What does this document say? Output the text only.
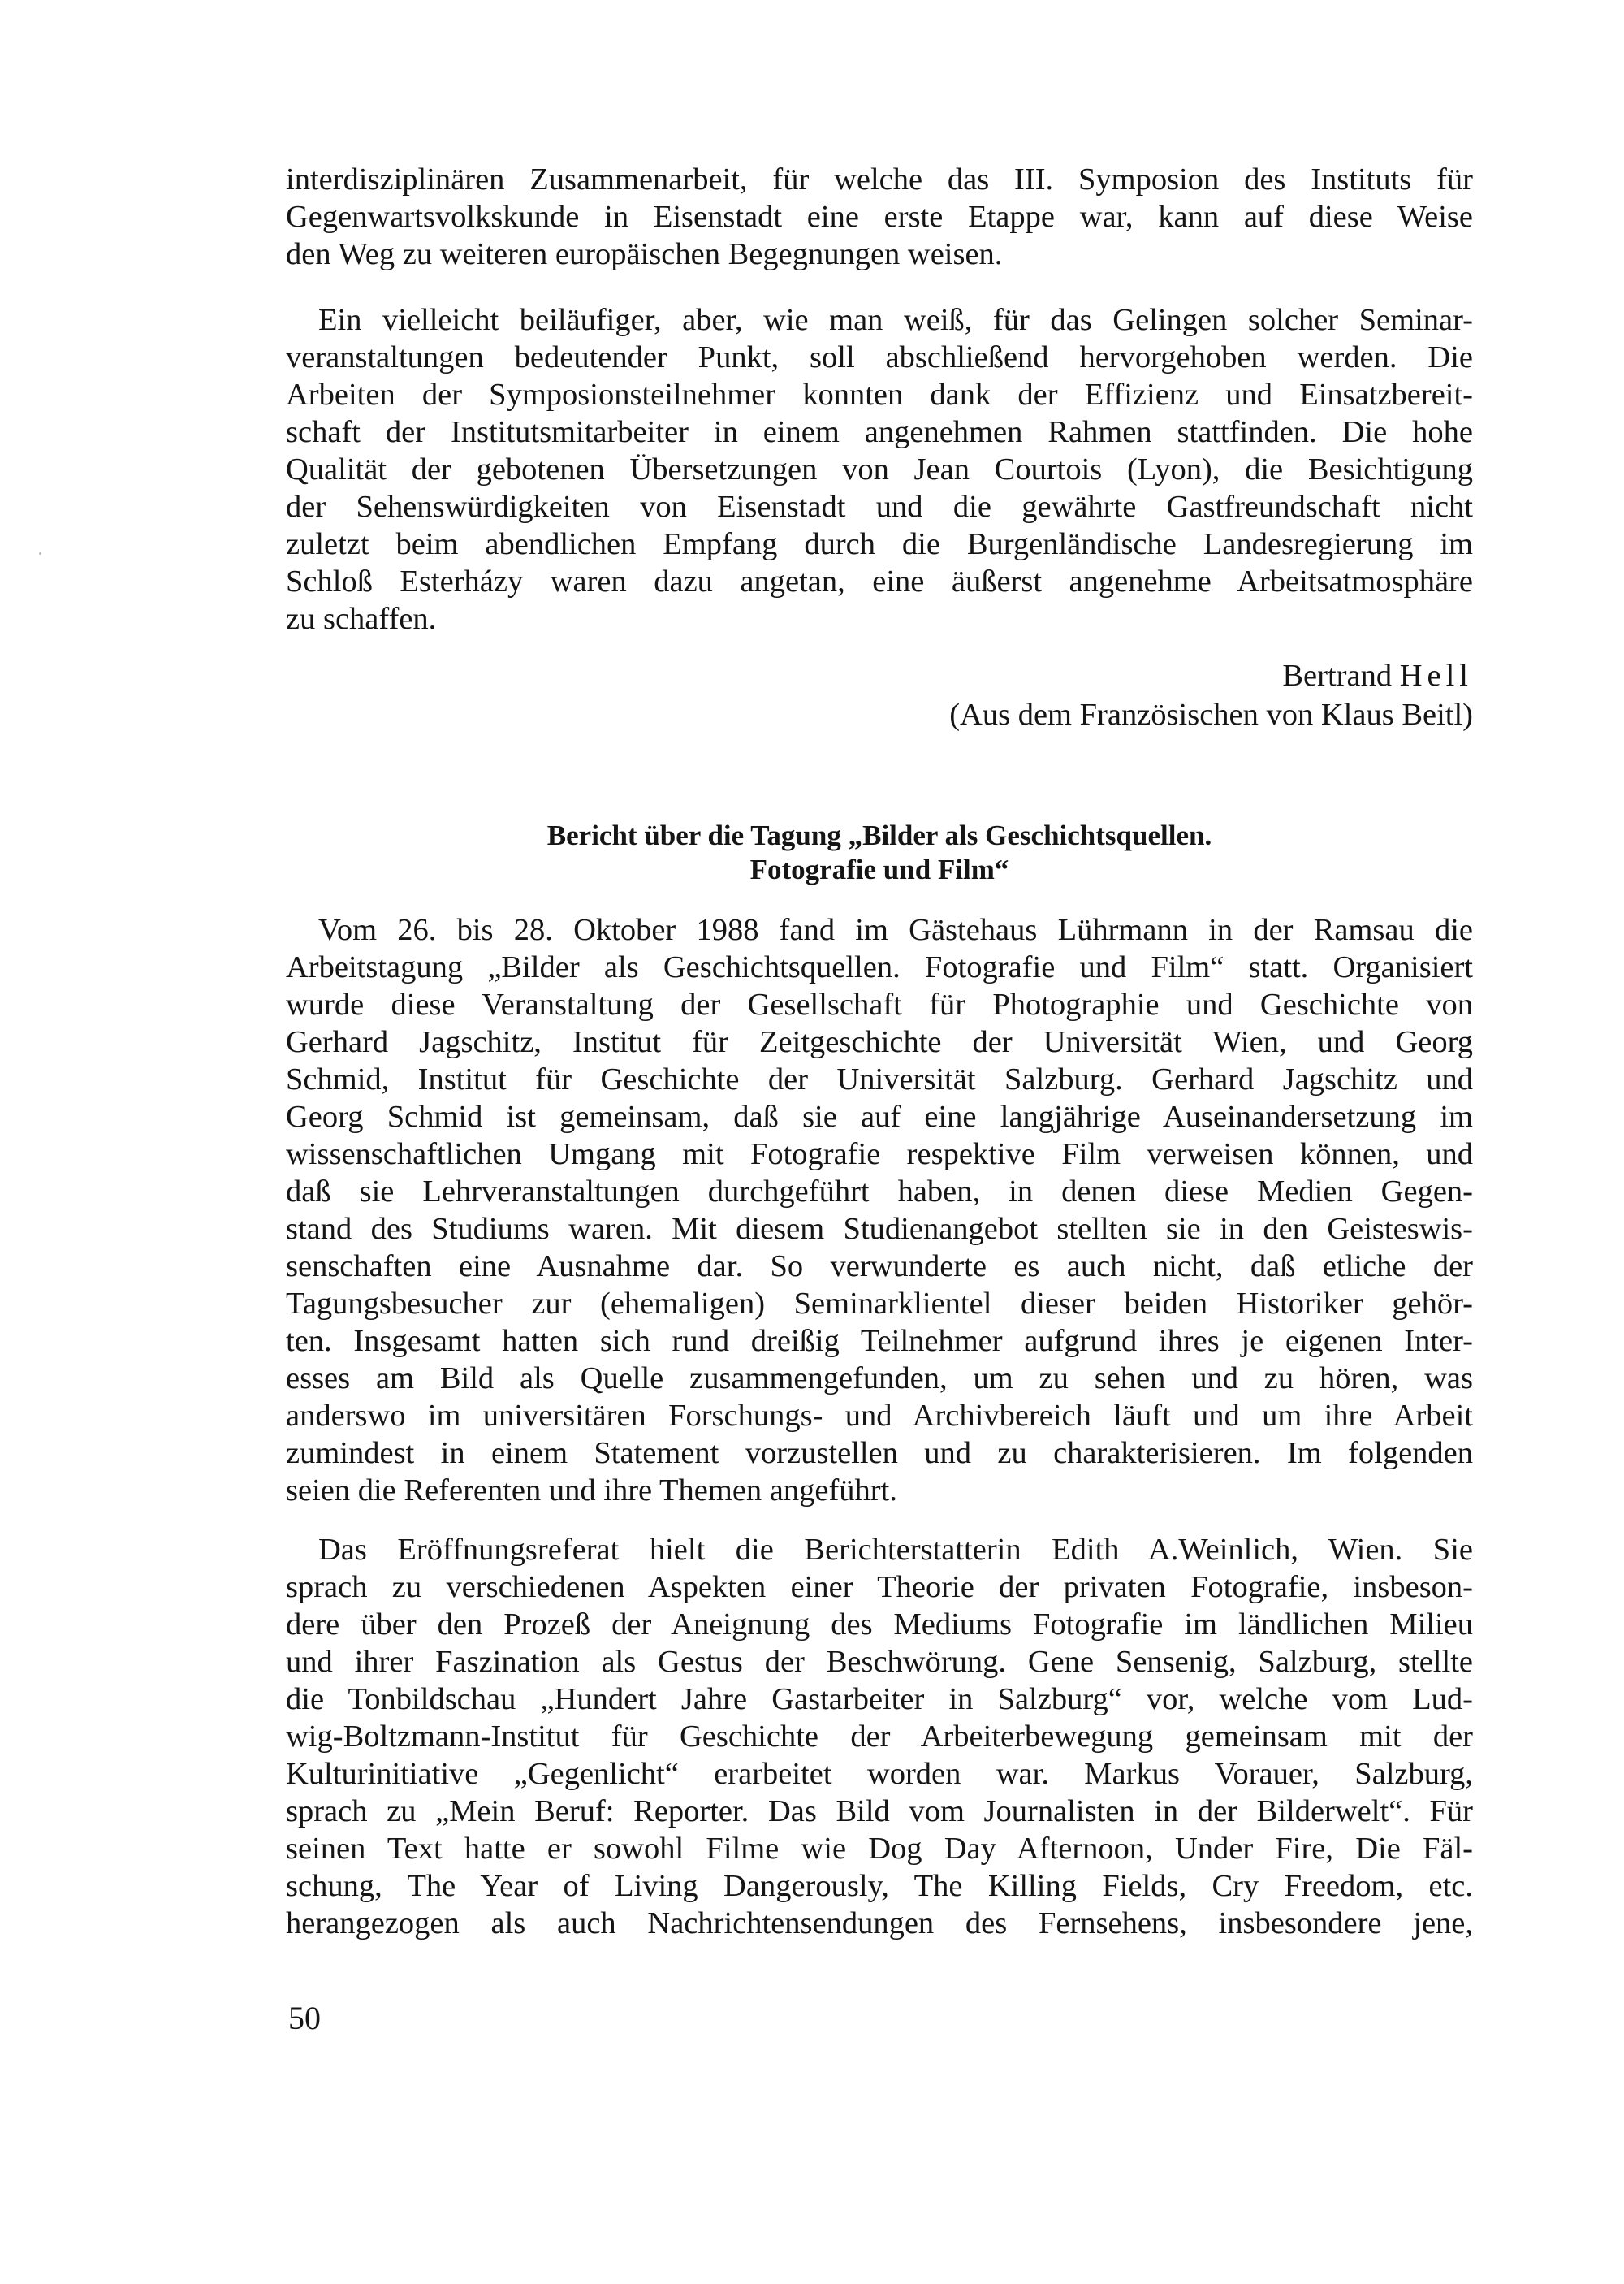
interdisziplinären Zusammenarbeit, für welche das III. Symposion des Instituts für
Gegenwartsvolkskunde in Eisenstadt eine erste Etappe war, kann auf diese Weise
den Weg zu weiteren europäischen Begegnungen weisen.
Ein vielleicht beiläufiger, aber, wie man weiß, für das Gelingen solcher Seminar-
veranstaltungen bedeutender Punkt, soll abschließend hervorgehoben werden. Die
Arbeiten der Symposionsteilnehmer konnten dank der Effizienz und Einsatzbereit-
schaft der Institutsmitarbeiter in einem angenehmen Rahmen stattfinden. Die hohe
Qualität der gebotenen Übersetzungen von Jean Courtois (Lyon), die Besichtigung
der Sehenswürdigkeiten von Eisenstadt und die gewährte Gastfreundschaft nicht
zuletzt beim abendlichen Empfang durch die Burgenländische Landesregierung im
Schloß Esterházy waren dazu angetan, eine äußerst angenehme Arbeitsatmosphäre
zu schaffen.
Bertrand Hell
(Aus dem Französischen von Klaus Beitl)
Bericht über die Tagung „Bilder als Geschichtsquellen.
Fotografie und Film“
Vom 26. bis 28. Oktober 1988 fand im Gästehaus Lührmann in der Ramsau die
Arbeitstagung „Bilder als Geschichtsquellen. Fotografie und Film“ statt. Organisiert
wurde diese Veranstaltung der Gesellschaft für Photographie und Geschichte von
Gerhard Jagschitz, Institut für Zeitgeschichte der Universität Wien, und Georg
Schmid, Institut für Geschichte der Universität Salzburg. Gerhard Jagschitz und
Georg Schmid ist gemeinsam, daß sie auf eine langjährige Auseinandersetzung im
wissenschaftlichen Umgang mit Fotografie respektive Film verweisen können, und
daß sie Lehrveranstaltungen durchgeführt haben, in denen diese Medien Gegen-
stand des Studiums waren. Mit diesem Studienangebot stellten sie in den Geisteswis-
senschaften eine Ausnahme dar. So verwunderte es auch nicht, daß etliche der
Tagungsbesucher zur (ehemaligen) Seminarklientel dieser beiden Historiker gehör-
ten. Insgesamt hatten sich rund dreißig Teilnehmer aufgrund ihres je eigenen Inter-
esses am Bild als Quelle zusammengefunden, um zu sehen und zu hören, was
anderswo im universitären Forschungs- und Archivbereich läuft und um ihre Arbeit
zumindest in einem Statement vorzustellen und zu charakterisieren. Im folgenden
seien die Referenten und ihre Themen angeführt.
Das Eröffnungsreferat hielt die Berichterstatterin Edith A.Weinlich, Wien. Sie
sprach zu verschiedenen Aspekten einer Theorie der privaten Fotografie, insbeson-
dere über den Prozeß der Aneignung des Mediums Fotografie im ländlichen Milieu
und ihrer Faszination als Gestus der Beschwörung. Gene Sensenig, Salzburg, stellte
die Tonbildschau „Hundert Jahre Gastarbeiter in Salzburg“ vor, welche vom Lud-
wig-Boltzmann-Institut für Geschichte der Arbeiterbewegung gemeinsam mit der
Kulturinitiative „Gegenlicht“ erarbeitet worden war. Markus Vorauer, Salzburg,
sprach zu „Mein Beruf: Reporter. Das Bild vom Journalisten in der Bilderwelt“. Für
seinen Text hatte er sowohl Filme wie Dog Day Afternoon, Under Fire, Die Fäl-
schung, The Year of Living Dangerously, The Killing Fields, Cry Freedom, etc.
herangezogen als auch Nachrichtensendungen des Fernsehens, insbesondere jene,
50
